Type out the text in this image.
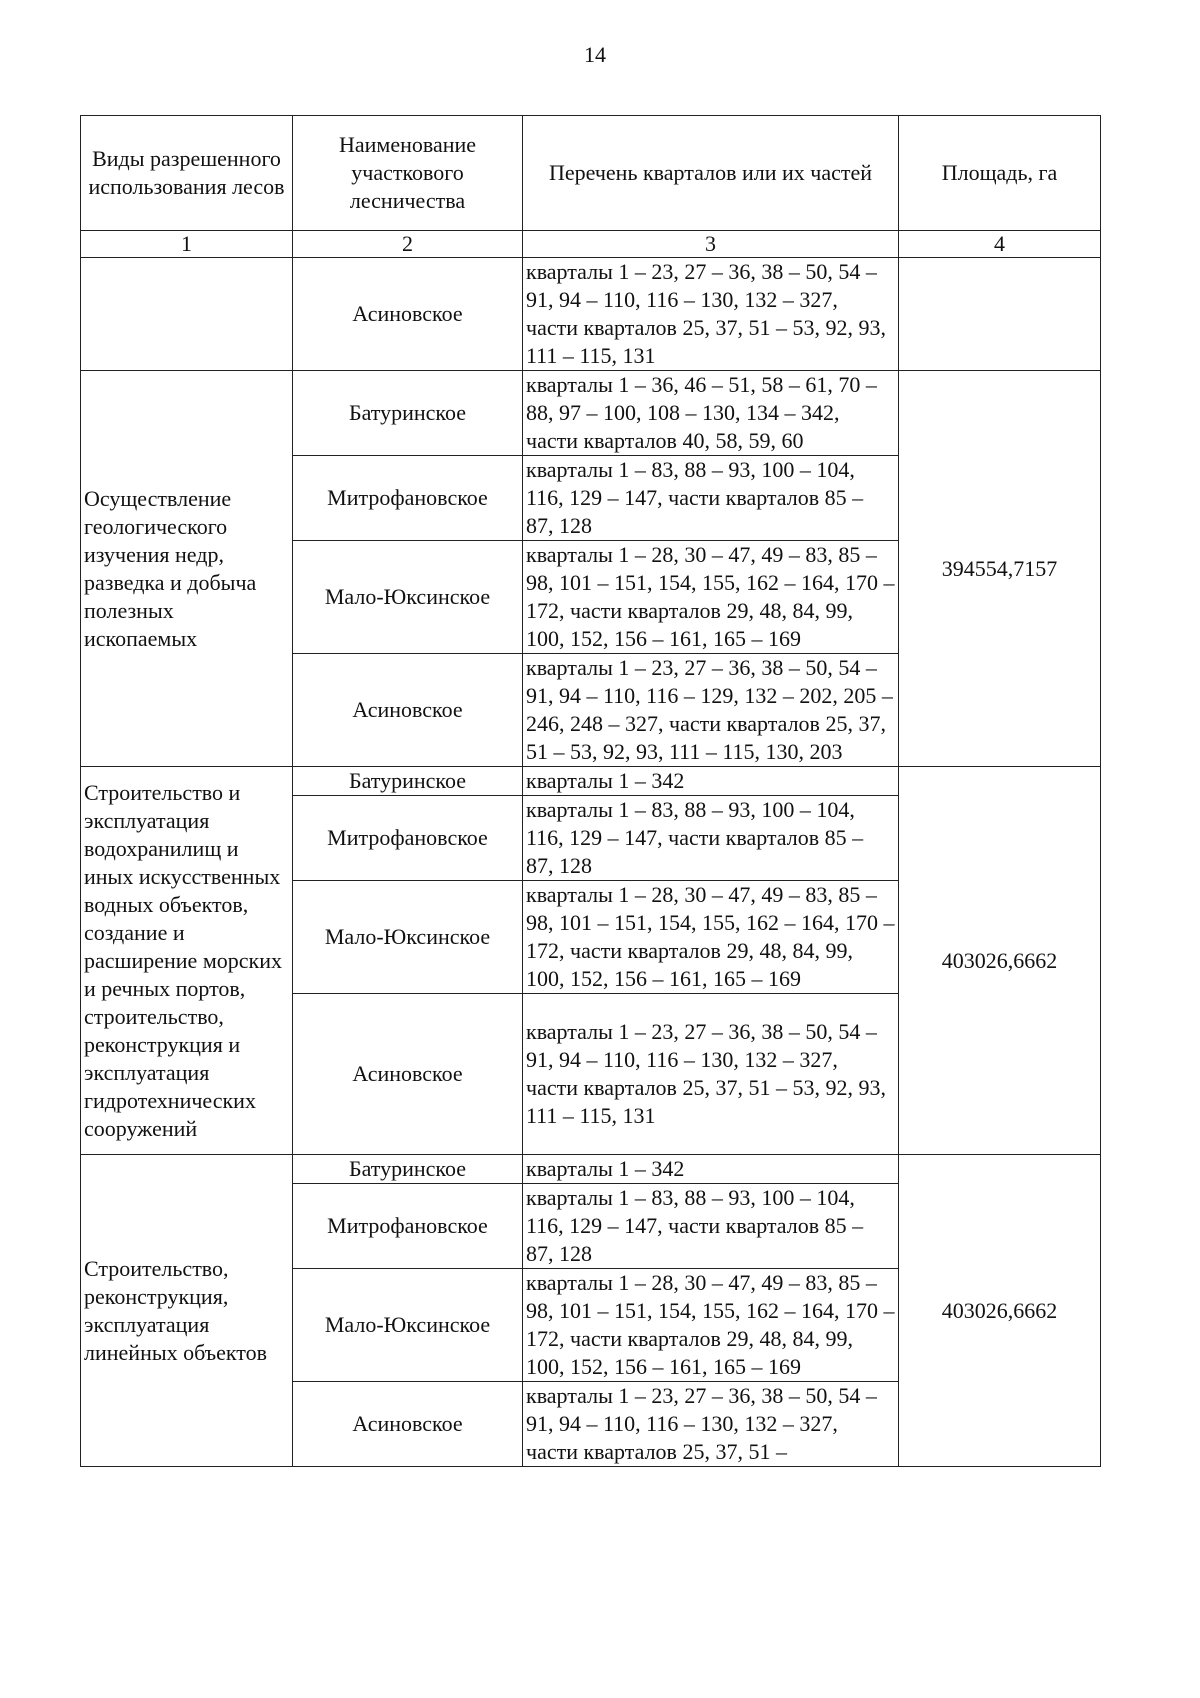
14
Виды разрешенного использования лесов	Наименование участкового лесничества	Перечень кварталов или их частей	Площадь, га
1	2	3	4
	Асиновское	кварталы 1 – 23, 27 – 36, 38 – 50, 54 – 91, 94 – 110, 116 – 130, 132 – 327, части кварталов 25, 37, 51 – 53, 92, 93, 111 – 115, 131	
Осуществление геологического изучения недр, разведка и добыча полезных ископаемых	Батуринское	кварталы 1 – 36, 46 – 51, 58 – 61, 70 – 88, 97 – 100, 108 – 130, 134 – 342, части кварталов 40, 58, 59, 60	394554,7157
	Митрофановское	кварталы 1 – 83, 88 – 93, 100 – 104, 116, 129 – 147, части кварталов 85 – 87, 128	
	Мало-Юксинское	кварталы 1 – 28, 30 – 47, 49 – 83, 85 – 98, 101 – 151, 154, 155, 162 – 164, 170 – 172, части кварталов 29, 48, 84, 99, 100, 152, 156 – 161, 165 – 169	
	Асиновское	кварталы 1 – 23, 27 – 36, 38 – 50, 54 – 91, 94 – 110, 116 – 129, 132 – 202, 205 – 246, 248 – 327, части кварталов 25, 37, 51 – 53, 92, 93, 111 – 115, 130, 203	
Строительство и эксплуатация водохранилищ и иных искусственных водных объектов, создание и расширение морских и речных портов, строительство, реконструкция и эксплуатация гидротехнических сооружений	Батуринское	кварталы 1 – 342	403026,6662
	Митрофановское	кварталы 1 – 83, 88 – 93, 100 – 104, 116, 129 – 147, части кварталов 85 – 87, 128	
	Мало-Юксинское	кварталы 1 – 28, 30 – 47, 49 – 83, 85 – 98, 101 – 151, 154, 155, 162 – 164, 170 – 172, части кварталов 29, 48, 84, 99, 100, 152, 156 – 161, 165 – 169	
	Асиновское	кварталы 1 – 23, 27 – 36, 38 – 50, 54 – 91, 94 – 110, 116 – 130, 132 – 327, части кварталов 25, 37, 51 – 53, 92, 93, 111 – 115, 131	
Строительство, реконструкция, эксплуатация линейных объектов	Батуринское	кварталы 1 – 342	403026,6662
	Митрофановское	кварталы 1 – 83, 88 – 93, 100 – 104, 116, 129 – 147, части кварталов 85 – 87, 128	
	Мало-Юксинское	кварталы 1 – 28, 30 – 47, 49 – 83, 85 – 98, 101 – 151, 154, 155, 162 – 164, 170 – 172, части кварталов 29, 48, 84, 99, 100, 152, 156 – 161, 165 – 169	
	Асиновское	кварталы 1 – 23, 27 – 36, 38 – 50, 54 – 91, 94 – 110, 116 – 130, 132 – 327, части кварталов 25, 37, 51 –	
